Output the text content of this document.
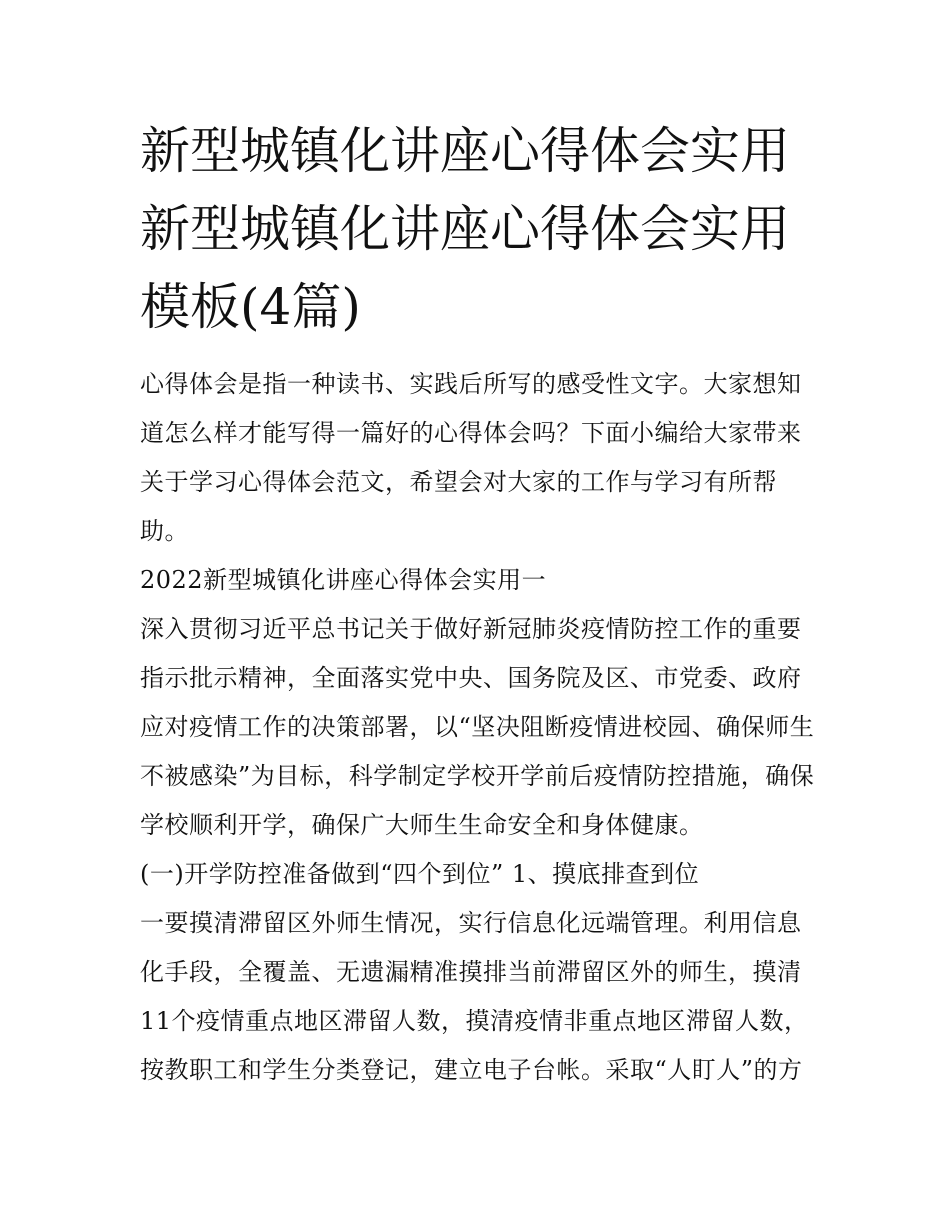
新型城镇化讲座心得体会实用新型城镇化讲座心得体会实用模板(4篇)

心得体会是指一种读书、实践后所写的感受性文字。大家想知道怎么样才能写得一篇好的心得体会吗？下面小编给大家带来关于学习心得体会范文，希望会对大家的工作与学习有所帮助。

2022新型城镇化讲座心得体会实用一

深入贯彻习近平总书记关于做好新冠肺炎疫情防控工作的重要指示批示精神，全面落实党中央、国务院及区、市党委、政府应对疫情工作的决策部署，以“坚决阻断疫情进校园、确保师生不被感染”为目标，科学制定学校开学前后疫情防控措施，确保学校顺利开学，确保广大师生生命安全和身体健康。

(一)开学防控准备做到“四个到位” 1、摸底排查到位

一要摸清滞留区外师生情况，实行信息化远端管理。利用信息化手段，全覆盖、无遗漏精准摸排当前滞留区外的师生，摸清11个疫情重点地区滞留人数，摸清疫情非重点地区滞留人数，按教职工和学生分类登记，建立电子台帐。采取“人盯人”的方
